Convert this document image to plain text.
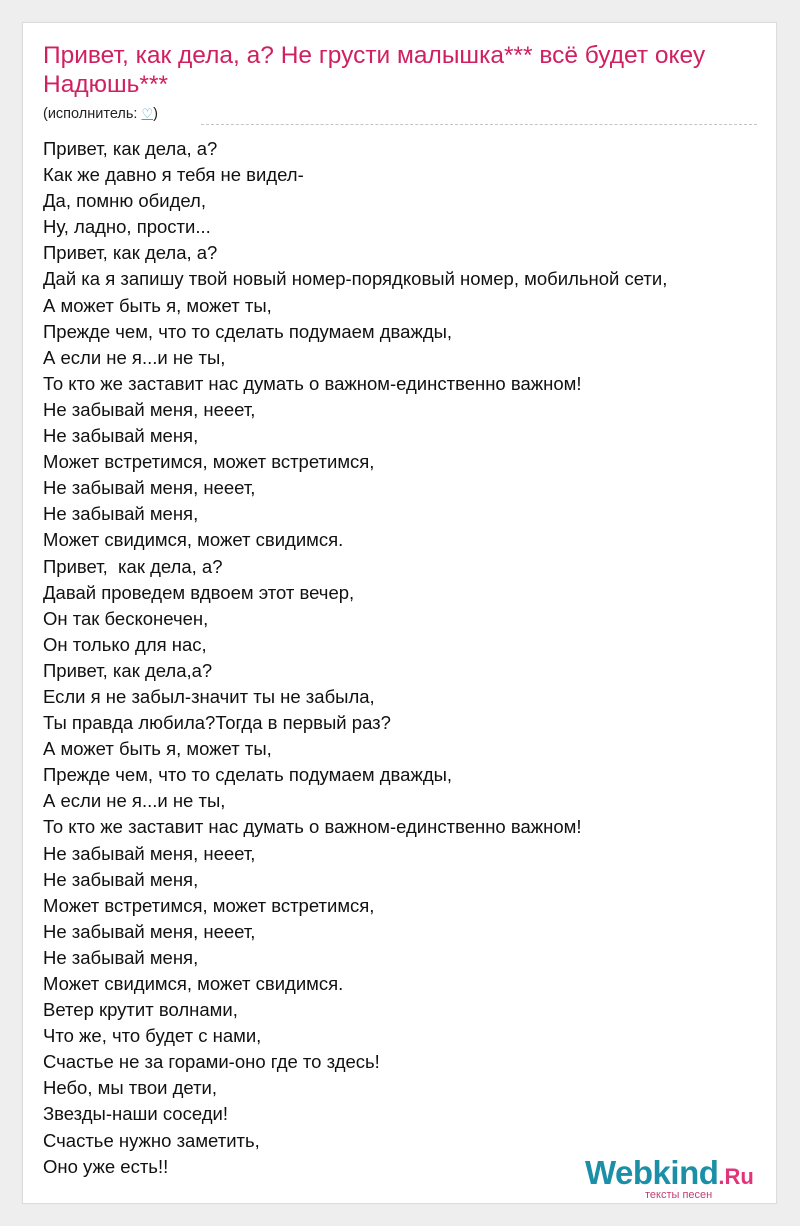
Привет, как дела, а? Не грусти малышка*** всё будет океу Надюшь***
(исполнитель: ♡)
Привет, как дела, а?
Как же давно я тебя не видел-
Да, помню обидел,
Ну, ладно, прости...
Привет, как дела, а?
Дай ка я запишу твой новый номер-порядковый номер, мобильной сети,
А может быть я, может ты,
Прежде чем, что то сделать подумаем дважды,
А если не я...и не ты,
То кто же заставит нас думать о важном-единственно важном!
Не забывай меня, нееет,
Не забывай меня,
Может встретимся, может встретимся,
Не забывай меня, нееет,
Не забывай меня,
Может свидимся, может свидимся.
Привет,  как дела, а?
Давай проведем вдвоем этот вечер,
Он так бесконечен,
Он только для нас,
Привет, как дела,а?
Если я не забыл-значит ты не забыла,
Ты правда любила?Тогда в первый раз?
А может быть я, может ты,
Прежде чем, что то сделать подумаем дважды,
А если не я...и не ты,
То кто же заставит нас думать о важном-единственно важном!
Не забывай меня, нееет,
Не забывай меня,
Может встретимся, может встретимся,
Не забывай меня, нееет,
Не забывай меня,
Может свидимся, может свидимся.
Ветер крутит волнами,
Что же, что будет с нами,
Счастье не за горами-оно где то здесь!
Небо, мы твои дети,
Звезды-наши соседи!
Счастье нужно заметить,
Оно уже есть!!	Webkind.Ru
тексты песен
